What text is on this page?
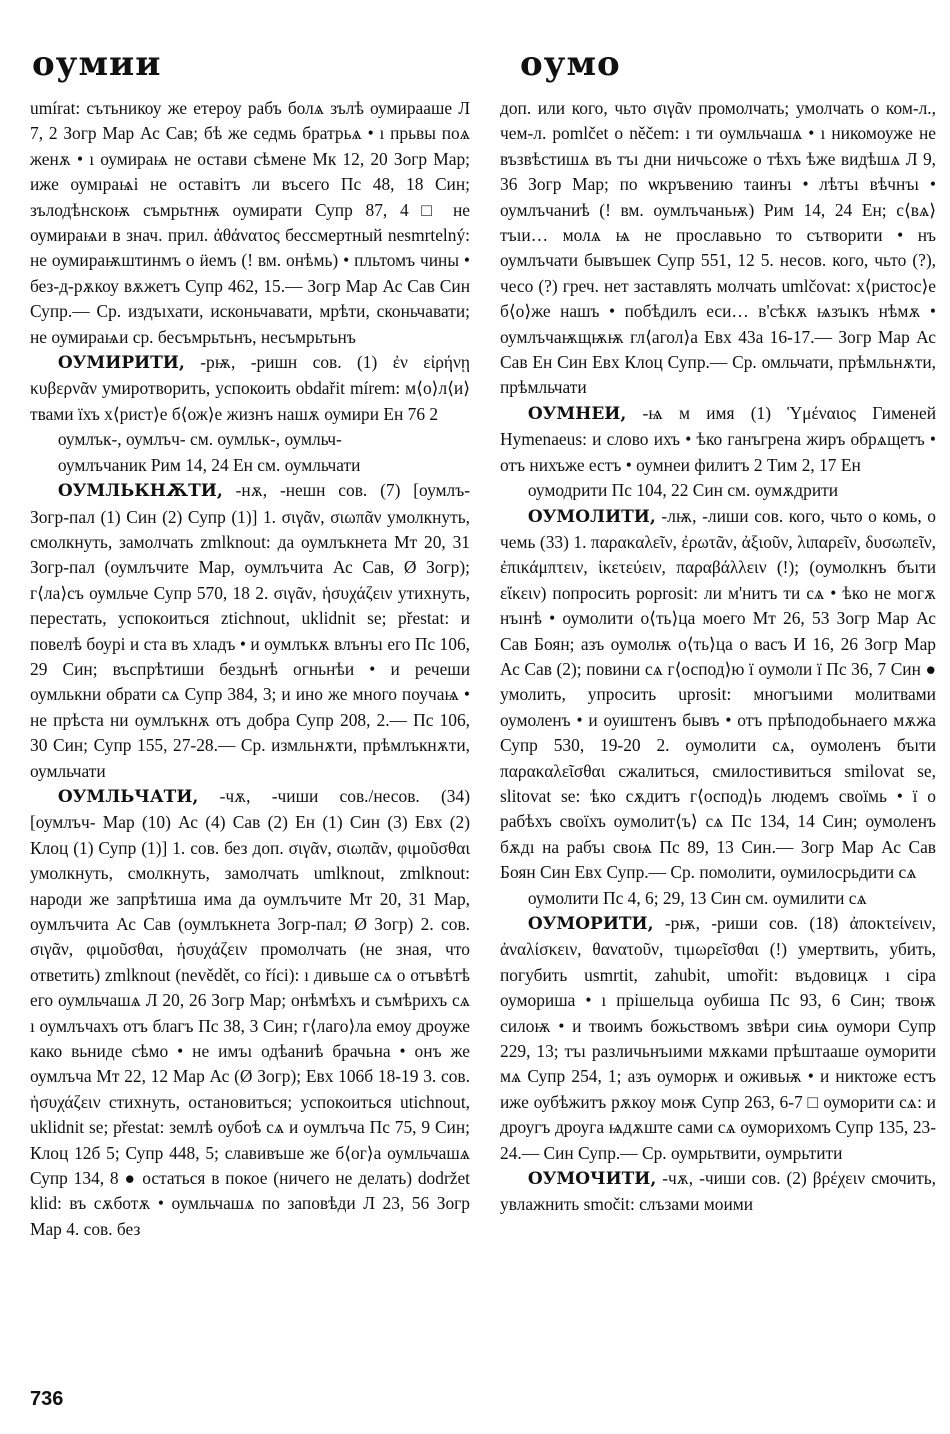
оумии	оумо

umírat: сътьникоу же етероу рабъ болѧ зълѣ оумирааше Л 7, 2 Зогр Мар Ас Сав; бѣ же седмь братрьѧ • ı прьвы поѧ женѫ • ı оумираѩ не остави сѣмене Мк 12, 20 Зогр Мар; иже оумıраѩі не оставітъ ли въсего Пс 48, 18 Син; зълодѣнскоѭ съмрьтнѭ оумирати Супр 87, 4 □ не оумираѩи в знач. прил. ἀθάνατος бессмертный nesmrtelný: не оумираѭштинмъ о ӥемъ (! вм. онѣмь) • пльтомъ чины • без-д-рѫкоу вѫжетъ Супр 462, 15.— Зогр Мар Ас Сав Син Супр.— Ср. издъıхати, исконьчавати, мрѣти, сконьчавати; не оумираѩи ср. бесъмрьтьнъ, несъмрьтьнъ

ОУМИРИТИ, -рѭ, -ришн сов. (1) ἐν εἰρήνῃ κυβερνᾶν умиротворить, успокоить obdařit mírem: м⟨о⟩л⟨и⟩твами їхъ х⟨рист⟩е б⟨ож⟩е жизнъ нашѫ оумири Ен 76 2

оумлък-, оумлъч- см. оумльк-, оумльч-

оумлъчаник Рим 14, 24 Ен см. оумльчати

ОУМЛЬКНѪТИ, -нѫ, -нешн сов. (7) [оумлъ- Зогр-пал (1) Син (2) Супр (1)] 1. σιγᾶν, σιωπᾶν умолкнуть, смолкнуть, замолчать zmlknout: да оумлъкнета Мт 20, 31 Зогр-пал (оумлъчите Мар, оумлъчита Ас Сав, Ø Зогр); г⟨ла⟩съ оумльче Супр 570, 18 2. σιγᾶν, ἡσυχάζειν утихнуть, перестать, успокоиться ztichnout, uklidnit se; přestat: и повелѣ боурі и ста въ хладъ • и оумлъкѫ влънъı его Пс 106, 29 Син; въспрѣтиши бездьнѣ огньнѣи • и речеши оумлькни обрати сѧ Супр 384, 3; и ино же много поучаѩ • не прѣста ни оумлъкнѫ отъ добра Супр 208, 2.— Пс 106, 30 Син; Супр 155, 27-28.— Ср. измльнѫти, прѣмлъкнѫти, оумльчати

ОУМЛЬЧАТИ, -чѫ, -чиши сов./несов. (34) [оумлъч- Мар (10) Ас (4) Сав (2) Ен (1) Син (3) Евх (2) Клоц (1) Супр (1)] 1. сов. без доп. σιγᾶν, σιωπᾶν, φιμοῦσθαι умолкнуть, смолкнуть, замолчать umlknout, zmlknout: народи же запрѣтиша има да оумлъчите Мт 20, 31 Мар, оумлъчита Ас Сав (оумлъкнета Зогр-пал; Ø Зогр) 2. сов. σιγᾶν, φιμοῦσθαι, ἡσυχάζειν промолчать (не зная, что ответить) zmlknout (nevědět, co říci): ı дивьше сѧ о отъвѣтѣ его оумльчашѧ Л 20, 26 Зогр Мар; онѣмѣхъ и съмѣрихъ сѧ ı оумлъчахъ отъ благъ Пс 38, 3 Син; г⟨лаго⟩ла емоу дроуже како вьниде сѣмо • не имъı одѣаниѣ брачьна • онъ же оумлъча Мт 22, 12 Мар Ас (Ø Зогр); Евх 106б 18-19 3. сов. ἡσυχάζειν стихнуть, остановиться; успокоиться utichnout, uklidnit se; přestat: землѣ оубоѣ сѧ и оумлъча Пс 75, 9 Син; Клоц 12б 5; Супр 448, 5; славивъше же б⟨ог⟩а оумльчашѧ Супр 134, 8 ● остаться в покое (ничего не делать) dodržet klid: въ сѫботѫ • оумльчашѧ по заповѣди Л 23, 56 Зогр Мар 4. сов. без

доп. или кого, чьто σιγᾶν промолчать; умолчать о ком-л., чем-л. pomlčet o něčem: ı ти оумльчашѧ • ı никомоуже не възвѣстишѧ въ тъı дни ничьсоже о тѣхъ ѣже видѣшѧ Л 9, 36 Зогр Мар; по ѡкръвению таинъı • лѣтъı вѣчнъı • оумлъчаниѣ (! вм. оумлъчаньѭ) Рим 14, 24 Ен; с⟨вѧ⟩тъıи… молѧ ѩ не прославьно то сътворити • нъ оумлъчати бывъшек Супр 551, 12 5. несов. кого, чьто (?), чесо (?) греч. нет заставлять молчать umlčovat: х⟨ристос⟩е б⟨о⟩же нашъ • побѣдилъ еси… в'сѣкѫ ѩзъıкъ нѣмѫ • оумлъчаѭщѭѭ гл⟨агол⟩а Евх 43а 16-17.— Зогр Мар Ас Сав Ен Син Евх Клоц Супр.— Ср. омльчати, прѣмльнѫти, прѣмльчати

ОУМНЕИ, -ѩ м имя (1) Ὑμέναιος Гименей Hymenaeus: и слово ихъ • ѣко ганъгрена жиръ обрѧщетъ • отъ нихъже естъ • оумнеи филитъ 2 Тим 2, 17 Ен

оумодрити Пс 104, 22 Син см. оумѫдрити

ОУМОЛИТИ, -лѭ, -лиши сов. кого, чьто о комь, о чемь (33) 1. παρακαλεῖν, ἐρωτᾶν, ἀξιοῦν, λιπαρεῖν, δυσωπεῖν, ἐπικάμπτειν, ἱκετεύειν, παραβάλλειν (!); (оумолкнъ бъıти εἴκειν) попросить poprosit: ли м'нитъ ти сѧ • ѣко не могѫ нъıнѣ • оумолити о⟨ть⟩ца моего Мт 26, 53 Зогр Мар Ас Сав Боян; азъ оумолѭ о⟨ть⟩ца о васъ И 16, 26 Зогр Мар Ас Сав (2); повини сѧ г⟨оспод⟩ю ї оумоли ї Пс 36, 7 Син ● умолить, упросить uprosit: многъıими молитвами оумоленъ • и оуиштенъ бывъ • отъ прѣподобьнаего мѫжа Супр 530, 19-20 2. оумолити сѧ, оумоленъ бъıти παρακαλεῖσθαι сжалиться, смилостивиться smilovat se, slitovat se: ѣко сѫдитъ г⟨оспод⟩ь людемъ своїмь • ї о рабѣхъ своїхъ оумолит⟨ъ⟩ сѧ Пс 134, 14 Син; оумоленъ бѫдı на рабъı своѩ Пс 89, 13 Син.— Зогр Мар Ас Сав Боян Син Евх Супр.— Ср. помолити, оумилосрьдити сѧ

оумолити Пс 4, 6; 29, 13 Син см. оумилити сѧ

ОУМОРИТИ, -рѭ, -риши сов. (18) ἀποκτείνειν, ἀναλίσκειν, θανατοῦν, τιμωρεῖσθαι (!) умертвить, убить, погубить usmrtit, zahubit, umořit: въдовицѫ ı сіра оумориша • ı прішельца оубиша Пс 93, 6 Син; твоѭ силоѭ • и твоимъ божьствомъ звѣри сиѩ оумори Супр 229, 13; тъı различьнъıими мѫками прѣштааше оуморити мѧ Супр 254, 1; азъ оуморѭ и оживьѭ • и никтоже естъ иже оубѣжитъ рѫкоу моѭ Супр 263, 6-7 □ оуморити сѧ: и дроугъ дроуга ѩдѫште сами сѧ оуморихомъ Супр 135, 23-24.— Син Супр.— Ср. оумрьтвити, оумрьтити

ОУМОЧИТИ, -чѫ, -чиши сов. (2) βρέχειν смочить, увлажнить smočit: слъзами моими

736
